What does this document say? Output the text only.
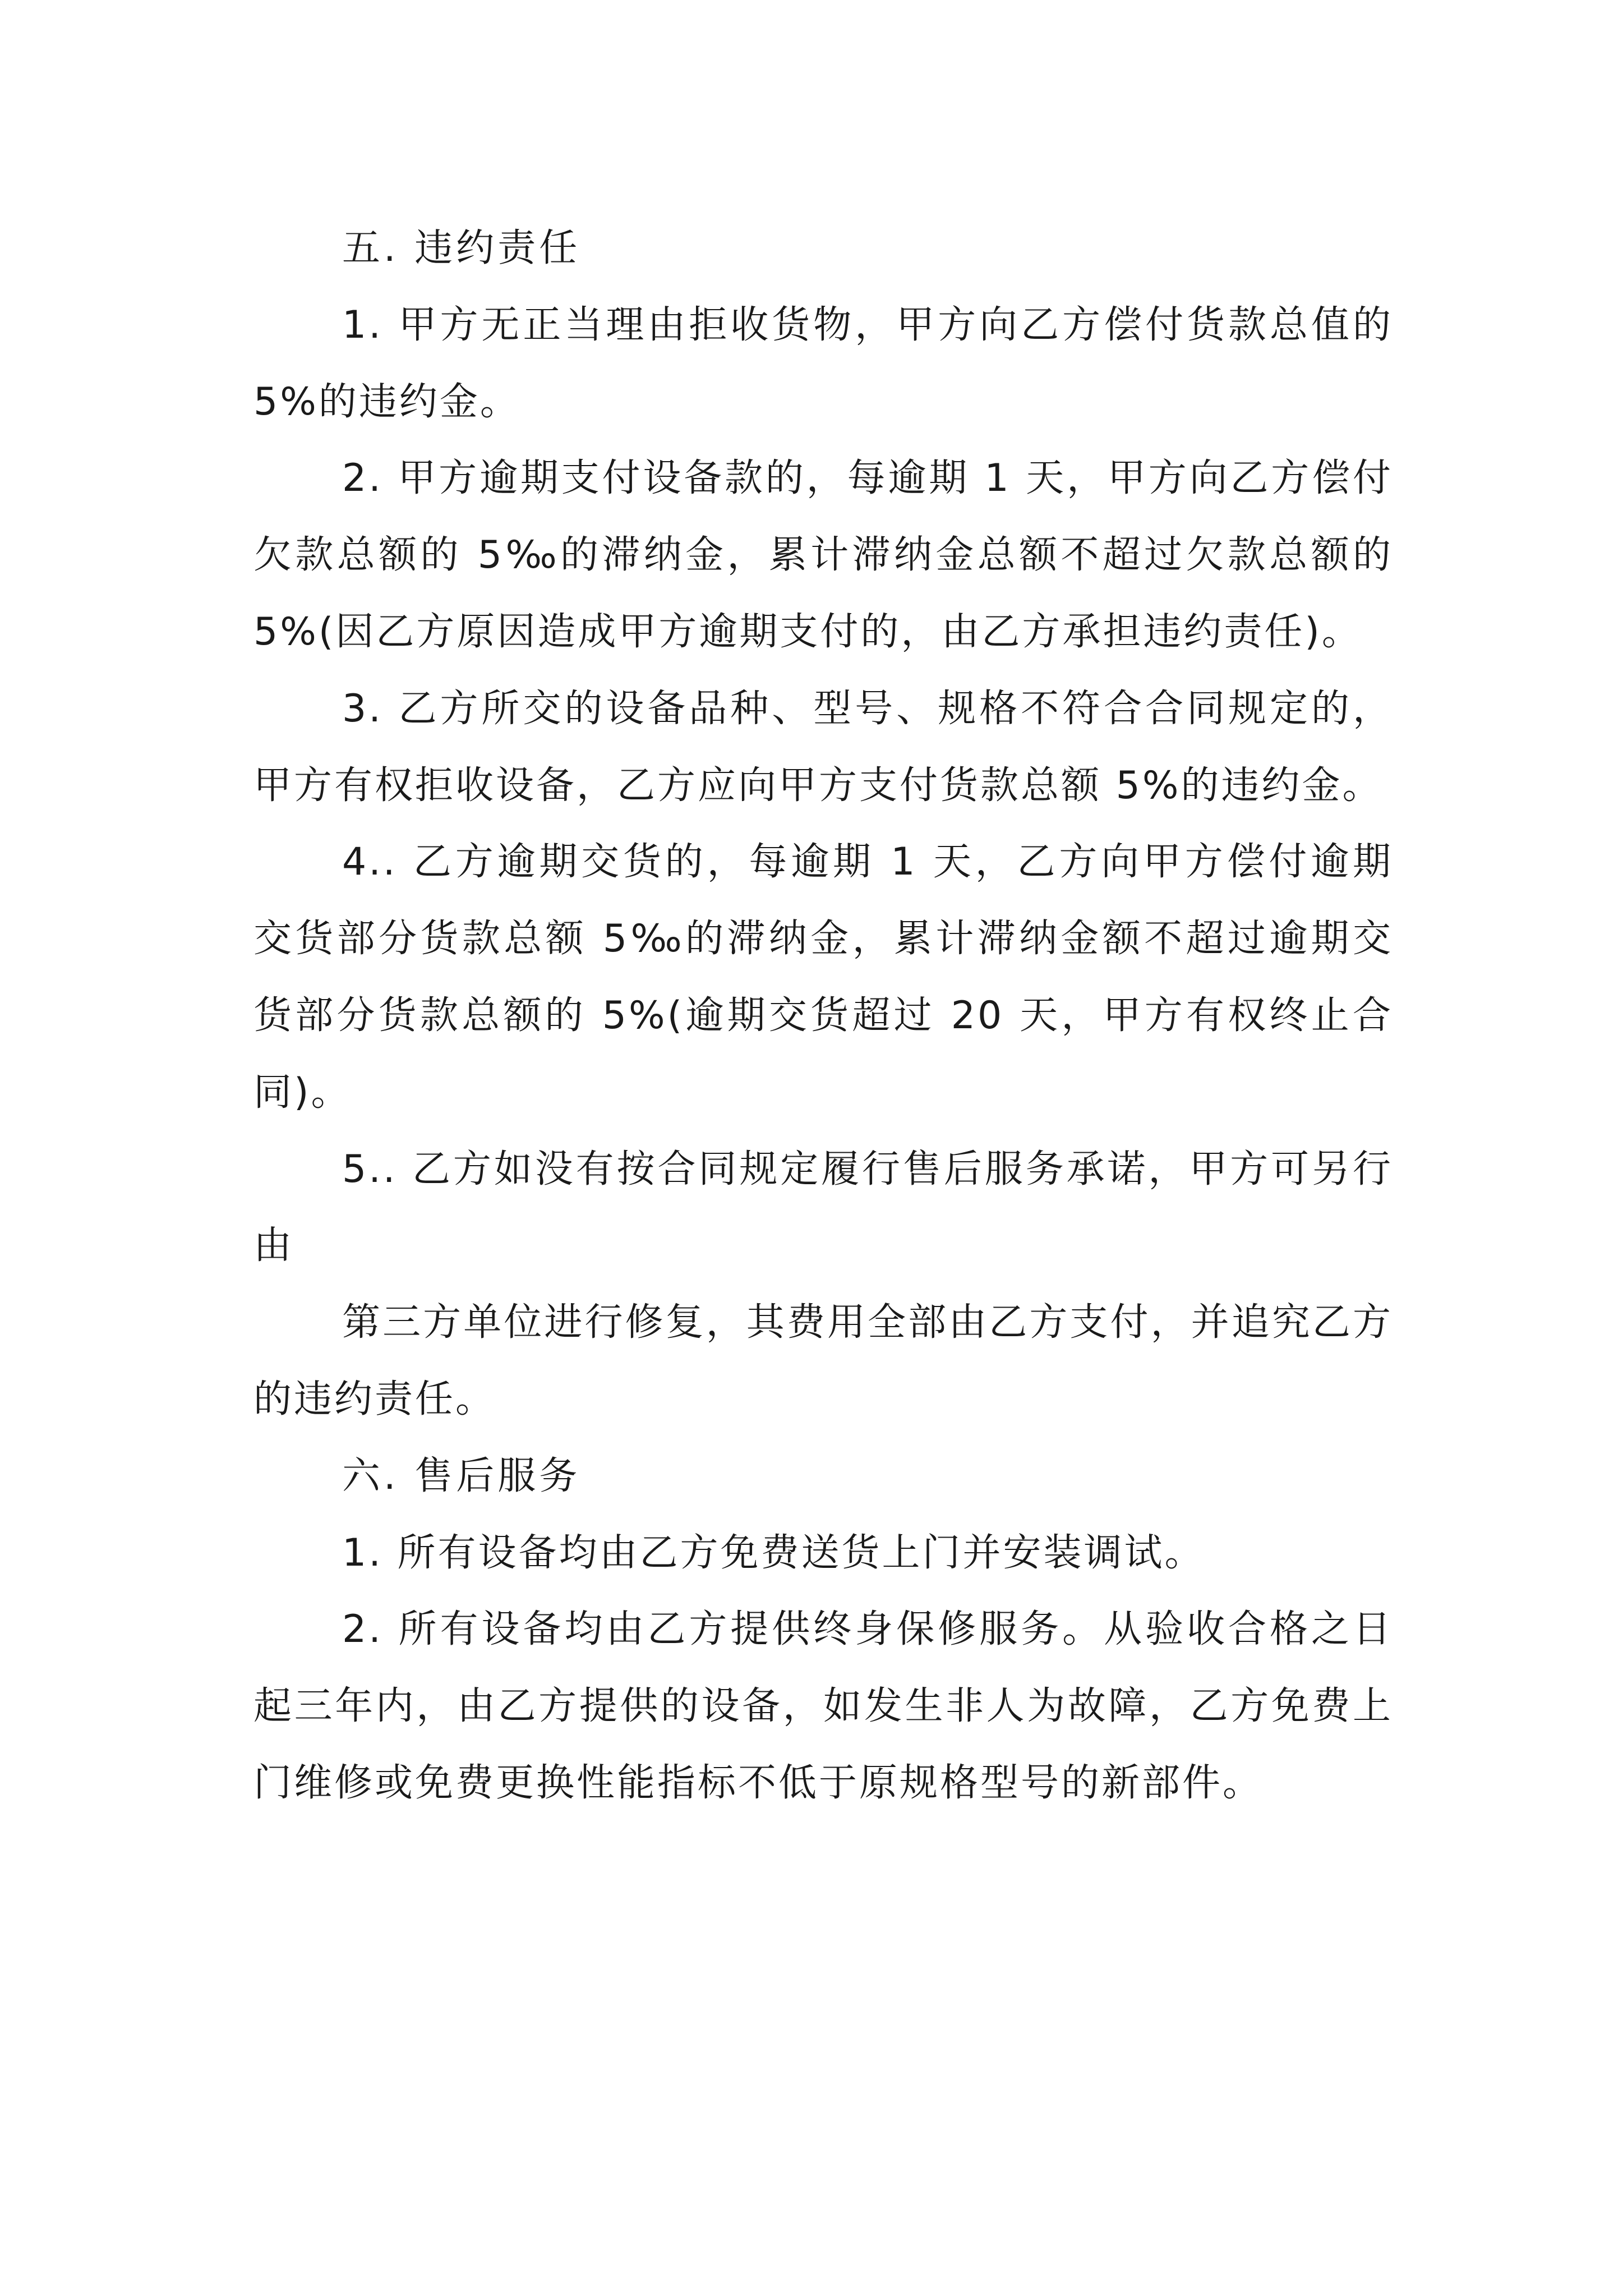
五. 违约责任

1. 甲方无正当理由拒收货物，甲方向乙方偿付货款总值的 5%的违约金。

2. 甲方逾期支付设备款的，每逾期 1 天，甲方向乙方偿付欠款总额的 5‰的滞纳金，累计滞纳金总额不超过欠款总额的 5%(因乙方原因造成甲方逾期支付的，由乙方承担违约责任)。

3. 乙方所交的设备品种、型号、规格不符合合同规定的，甲方有权拒收设备，乙方应向甲方支付货款总额 5%的违约金。

4.. 乙方逾期交货的，每逾期 1 天，乙方向甲方偿付逾期交货部分货款总额 5‰的滞纳金，累计滞纳金额不超过逾期交货部分货款总额的 5%(逾期交货超过 20 天，甲方有权终止合同)。

5.. 乙方如没有按合同规定履行售后服务承诺，甲方可另行由

第三方单位进行修复，其费用全部由乙方支付，并追究乙方的违约责任。

六. 售后服务

1. 所有设备均由乙方免费送货上门并安装调试。

2. 所有设备均由乙方提供终身保修服务。从验收合格之日起三年内，由乙方提供的设备，如发生非人为故障，乙方免费上门维修或免费更换性能指标不低于原规格型号的新部件。
